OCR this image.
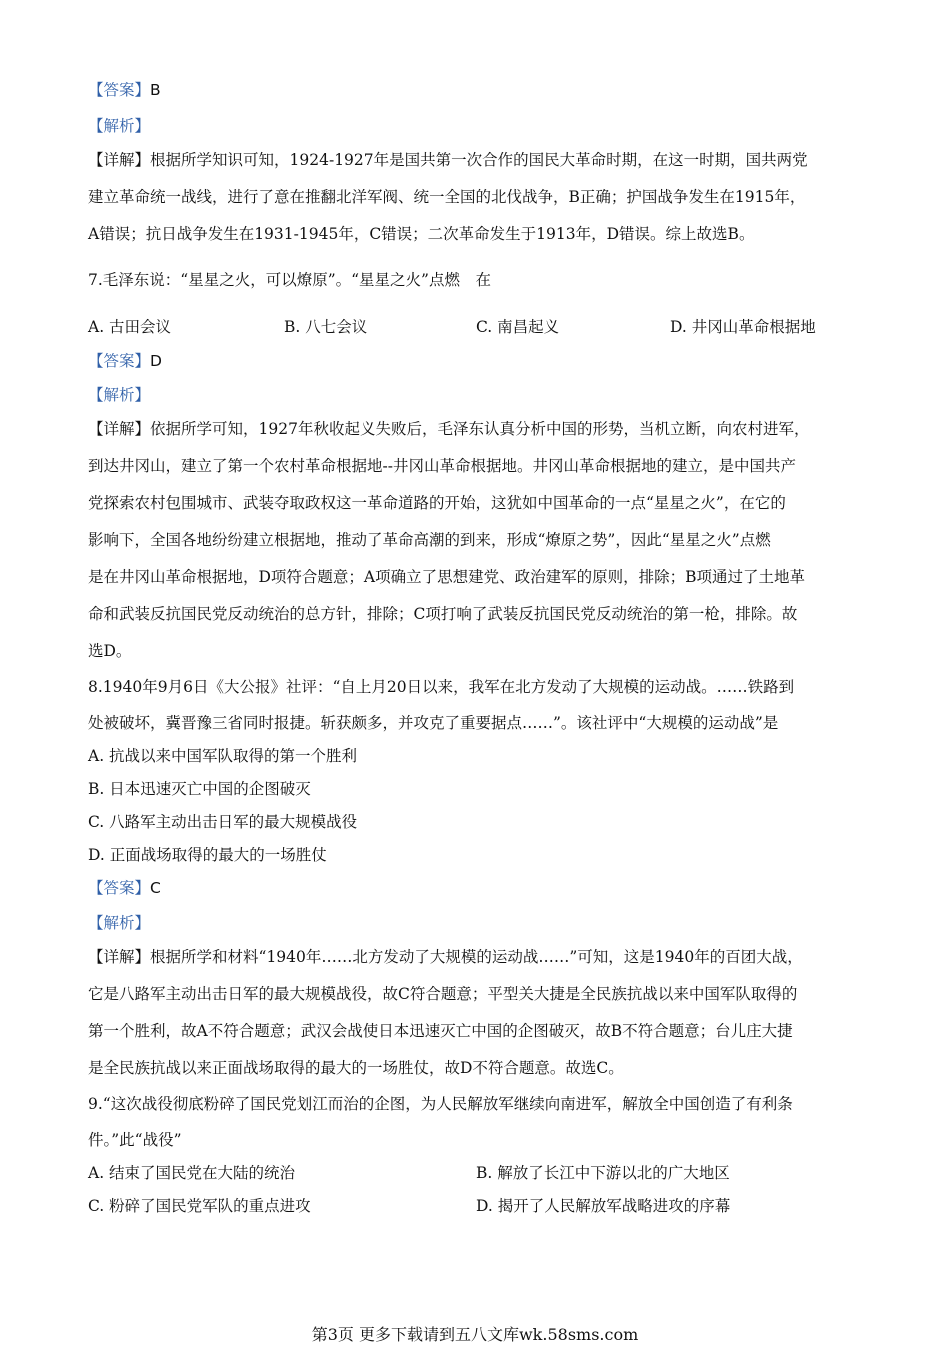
【答案】B
【解析】
【详解】根据所学知识可知，1924-1927年是国共第一次合作的国民大革命时期，在这一时期，国共两党
建立革命统一战线，进行了意在推翻北洋军阀、统一全国的北伐战争，B正确；护国战争发生在1915年，
A错误；抗日战争发生在1931-1945年，C错误；二次革命发生于1913年，D错误。综上故选B。
7.毛泽东说：“星星之火，可以燎原”。“星星之火”点燃　在
A. 古田会议	B. 八七会议	C. 南昌起义	D. 井冈山革命根据地
【答案】D
【解析】
【详解】依据所学可知，1927年秋收起义失败后，毛泽东认真分析中国的形势，当机立断，向农村进军，
到达井冈山，建立了第一个农村革命根据地--井冈山革命根据地。井冈山革命根据地的建立，是中国共产
党探索农村包围城市、武装夺取政权这一革命道路的开始，这犹如中国革命的一点“星星之火”，在它的
影响下，全国各地纷纷建立根据地，推动了革命高潮的到来，形成“燎原之势”，因此“星星之火”点燃
是在井冈山革命根据地，D项符合题意；A项确立了思想建党、政治建军的原则，排除；B项通过了土地革
命和武装反抗国民党反动统治的总方针，排除；C项打响了武装反抗国民党反动统治的第一枪，排除。故
选D。
8.1940年9月6日《大公报》社评：“自上月20日以来，我军在北方发动了大规模的运动战。……铁路到
处被破坏，冀晋豫三省同时报捷。斩获颇多，并攻克了重要据点……”。该社评中“大规模的运动战”是
A. 抗战以来中国军队取得的第一个胜利
B. 日本迅速灭亡中国的企图破灭
C. 八路军主动出击日军的最大规模战役
D. 正面战场取得的最大的一场胜仗
【答案】C
【解析】
【详解】根据所学和材料“1940年……北方发动了大规模的运动战……”可知，这是1940年的百团大战，
它是八路军主动出击日军的最大规模战役，故C符合题意；平型关大捷是全民族抗战以来中国军队取得的
第一个胜利，故A不符合题意；武汉会战使日本迅速灭亡中国的企图破灭，故B不符合题意；台儿庄大捷
是全民族抗战以来正面战场取得的最大的一场胜仗，故D不符合题意。故选C。
9.“这次战役彻底粉碎了国民党划江而治的企图，为人民解放军继续向南进军，解放全中国创造了有利条
件。”此“战役”
A. 结束了国民党在大陆的统治	B. 解放了长江中下游以北的广大地区
C. 粉碎了国民党军队的重点进攻	D. 揭开了人民解放军战略进攻的序幕
第3页 更多下载请到五八文库wk.58sms.com
